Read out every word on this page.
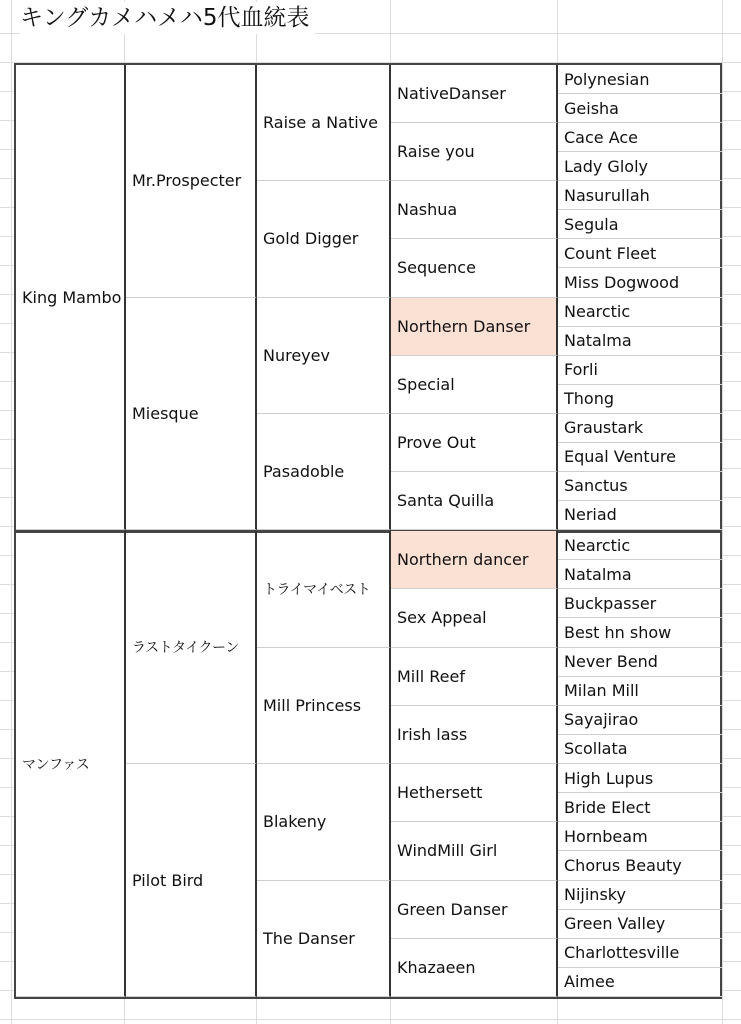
キングカメハメハ5代血統表
King Mambo
Mr.Prospecter
Miesque
Raise a Native
Gold Digger
Nureyev
Pasadoble
NativeDanser
Raise you
Nashua
Sequence
Northern Danser
Special
Prove Out
Santa Quilla
Polynesian
Geisha
Cace Ace
Lady Gloly
Nasurullah
Segula
Count Fleet
Miss Dogwood
Nearctic
Natalma
Forli
Thong
Graustark
Equal Venture
Sanctus
Neriad
マンファス
ラストタイクーン
Pilot Bird
トライマイベスト
Mill Princess
Blakeny
The Danser
Northern dancer
Sex Appeal
Mill Reef
Irish lass
Hethersett
WindMill Girl
Green Danser
Khazaeen
Nearctic
Natalma
Buckpasser
Best hn show
Never Bend
Milan Mill
Sayajirao
Scollata
High Lupus
Bride Elect
Hornbeam
Chorus Beauty
Nijinsky
Green Valley
Charlottesville
Aimee
